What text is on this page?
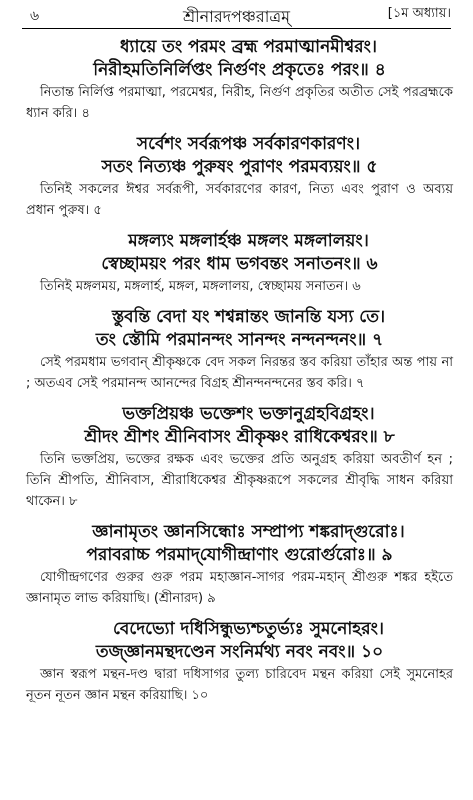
৬	শ্রীনারদপঞ্চরাত্রম্	[১ম অধ্যায়।

ধ্যায়ে তং পরমং ব্রহ্ম পরমাত্মানমীশ্বরং।

নিরীহমতিনির্লিপ্তং নির্গুণং প্রকৃতেঃ পরং॥ ৪

নিতান্ত নির্লিপ্ত পরমাত্মা, পরমেশ্বর, নিরীহ, নির্গুণ প্রকৃতির অতীত সেই পরব্রহ্মকে ধ্যান করি। ৪

সর্বেশং সর্বরূপঞ্চ সর্বকারণকারণং।

সতং নিত্যঞ্চ পুরুষং পুরাণং পরমব্যয়ং॥ ৫

তিনিই সকলের ঈশ্বর সর্বরূপী, সর্বকারণের কারণ, নিত্য এবং পুরাণ ও অব্যয় প্রধান পুরুষ। ৫

মঙ্গল্যং মঙ্গলার্হঞ্চ মঙ্গলং মঙ্গলালয়ং।

স্বেচ্ছাময়ং পরং ধাম ভগবন্তং সনাতনং॥ ৬

তিনিই মঙ্গলময়, মঙ্গলার্হ, মঙ্গল, মঙ্গলালয়, স্বেচ্ছাময় সনাতন। ৬

স্তুবন্তি বেদা যং শশ্বন্নান্তং জানন্তি যস্য তে।

তং স্তৌমি পরমানন্দং সানন্দং নন্দনন্দনং॥ ৭

সেই পরমধাম ভগবান্ শ্রীকৃষ্ণকে বেদ সকল নিরন্তর স্তব করিয়া তাঁহার অন্ত পায় না ; অতএব সেই পরমানন্দ আনন্দের বিগ্রহ শ্রীনন্দনন্দনের স্তব করি। ৭

ভক্তপ্রিয়ঞ্চ ভক্তেশং ভক্তানুগ্রহবিগ্রহং।

শ্রীদং শ্রীশং শ্রীনিবাসং শ্রীকৃষ্ণং রাধিকেশ্বরং॥ ৮

তিনি ভক্তপ্রিয়, ভক্তের রক্ষক এবং ভক্তের প্রতি অনুগ্রহ করিয়া অবতীর্ণ হন ; তিনি শ্রীপতি, শ্রীনিবাস, শ্রীরাধিকেশ্বর শ্রীকৃষ্ণরূপে সকলের শ্রীবৃদ্ধি সাধন করিয়া থাকেন। ৮

জ্ঞানামৃতং জ্ঞানসিন্ধোঃ সম্প্রাপ্য শঙ্করাদ্‌গুরোঃ।

পরাবরাচ্চ পরমাদ্‌যোগীন্দ্রাণাং গুরোর্গুরোঃ॥ ৯

যোগীন্দ্রগণের গুরুর গুরু পরম মহাজ্ঞান-সাগর পরম-মহান্ শ্রীগুরু শঙ্কর হইতে জ্ঞানামৃত লাভ করিয়াছি। (শ্রীনারদ) ৯

বেদেভ্যো দধিসিন্ধুভ্যশ্চতুর্ভ্যঃ সুমনোহরং।

তজ্‌জ্ঞানমন্থদণ্ডেন সংনির্মথ্য নবং নবং॥ ১০

জ্ঞান স্বরূপ মন্থন-দণ্ড দ্বারা দধিসাগর তুল্য চারিবেদ মন্থন করিয়া সেই সুমনোহর নূতন নূতন জ্ঞান মন্থন করিয়াছি। ১০
